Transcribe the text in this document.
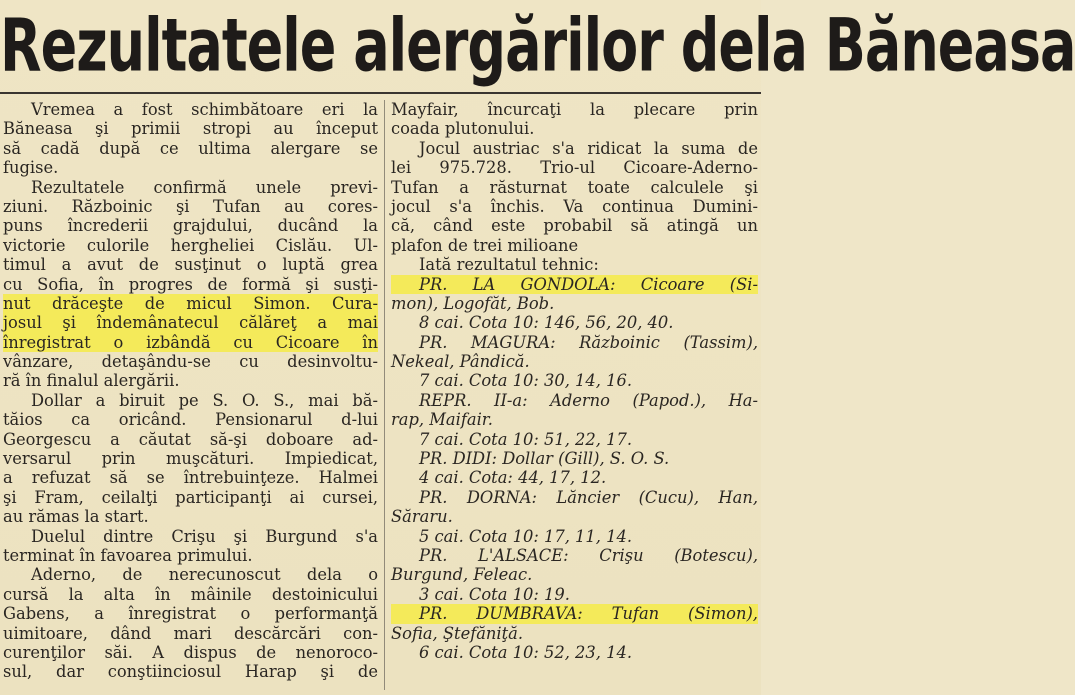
Rezultatele alergărilor dela Băneasa
Vremea a fost schimbătoare eri la
Băneasa şi primii stropi au început
să cadă după ce ultima alergare se
fugise.
Rezultatele confirmă unele previ-
ziuni. Războinic şi Tufan au cores-
puns încrederii grajdului, ducând la
victorie culorile hergheliei Cislău. Ul-
timul a avut de susţinut o luptă grea
cu Sofia, în progres de formă şi susţi-
nut drăceşte de micul Simon. Cura-
josul şi îndemânatecul călăreţ a mai
înregistrat o izbândă cu Cicoare în
vânzare, detaşându-se cu desinvoltu-
ră în finalul alergării.
Dollar a biruit pe S. O. S., mai bă-
tăios ca oricând. Pensionarul d-lui
Georgescu a căutat să-şi doboare ad-
versarul prin muşcături. Impiedicat,
a refuzat să se întrebuinţeze. Halmei
şi Fram, ceilalţi participanţi ai cursei,
au rămas la start.
Duelul dintre Crişu şi Burgund s'a
terminat în favoarea primului.
Aderno, de nerecunoscut dela o
cursă la alta în mâinile destoinicului
Gabens, a înregistrat o performanţă
uimitoare, dând mari descărcări con-
curenţilor săi. A dispus de nenoroco-
sul, dar conştiinciosul Harap şi de
Mayfair, încurcaţi la plecare prin
coada plutonului.
Jocul austriac s'a ridicat la suma de
lei 975.728. Trio-ul Cicoare-Aderno-
Tufan a răsturnat toate calculele şi
jocul s'a închis. Va continua Dumini-
că, când este probabil să atingă un
plafon de trei milioane
Iată rezultatul tehnic:
PR. LA GONDOLA: Cicoare (Si-
mon), Logofăt, Bob.
8 cai. Cota 10: 146, 56, 20, 40.
PR. MAGURA: Războinic (Tassim),
Nekeal, Pândică.
7 cai. Cota 10: 30, 14, 16.
REPR. II-a: Aderno (Papod.), Ha-
rap, Maifair.
7 cai. Cota 10: 51, 22, 17.
PR. DIDI: Dollar (Gill), S. O. S.
4 cai. Cota: 44, 17, 12.
PR. DORNA: Lăncier (Cucu), Han,
Săraru.
5 cai. Cota 10: 17, 11, 14.
PR. L'ALSACE: Crişu (Botescu),
Burgund, Feleac.
3 cai. Cota 10: 19.
PR. DUMBRAVA: Tufan (Simon),
Sofia, Ştefăniţă.
6 cai. Cota 10: 52, 23, 14.
